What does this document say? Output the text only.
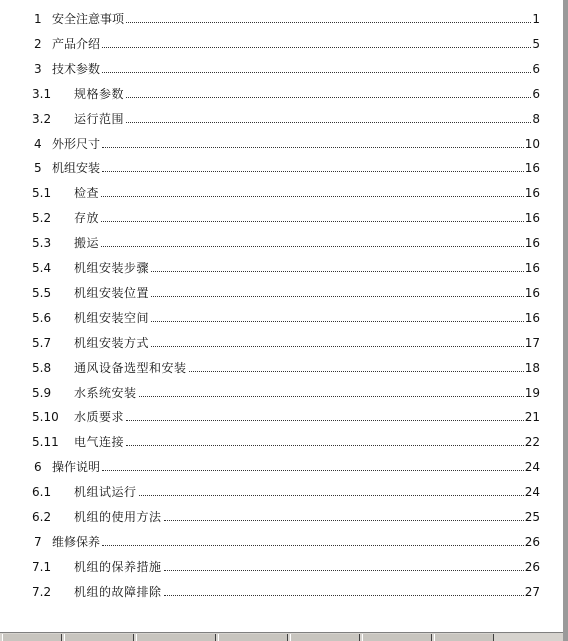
1 安全注意事项	1
2 产品介绍	5
3 技术参数	6
3.1 规格参数	6
3.2 运行范围	8
4 外形尺寸	10
5 机组安装	16
5.1 检查	16
5.2 存放	16
5.3 搬运	16
5.4 机组安装步骤	16
5.5 机组安装位置	16
5.6 机组安装空间	16
5.7 机组安装方式	17
5.8 通风设备选型和安装	18
5.9 水系统安装	19
5.10 水质要求	21
5.11 电气连接	22
6 操作说明	24
6.1 机组试运行	24
6.2 机组的使用方法	25
7 维修保养	26
7.1 机组的保养措施	26
7.2 机组的故障排除	27
